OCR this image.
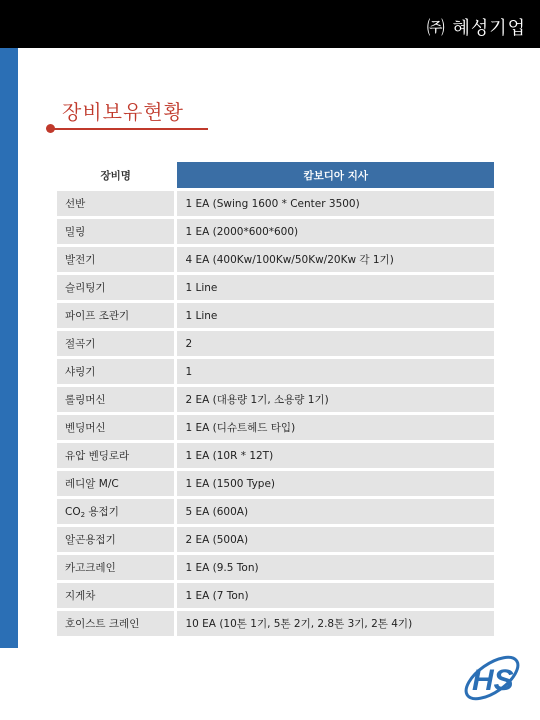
㈜ 혜성기업
장비보유현황
장비명	캄보디아 지사
선반	1 EA (Swing 1600 * Center 3500)
밀링	1 EA (2000*600*600)
발전기	4 EA (400Kw/100Kw/50Kw/20Kw 각 1기)
슬리팅기	1 Line
파이프 조관기	1 Line
절곡기	2
샤링기	1
롤링머신	2 EA (대용량 1기, 소용량 1기)
벤딩머신	1 EA (디슈트헤드 타입)
유압 벤딩로라	1 EA (10R * 12T)
레디알 M/C	1 EA (1500 Type)
$CO_2$ 용접기	5 EA (600A)
알곤용접기	2 EA (500A)
카고크레인	1 EA (9.5 Ton)
지게차	1 EA (7 Ton)
호이스트 크레인	10 EA (10톤 1기, 5톤 2기, 2.8톤 3기, 2톤 4기)
HS
